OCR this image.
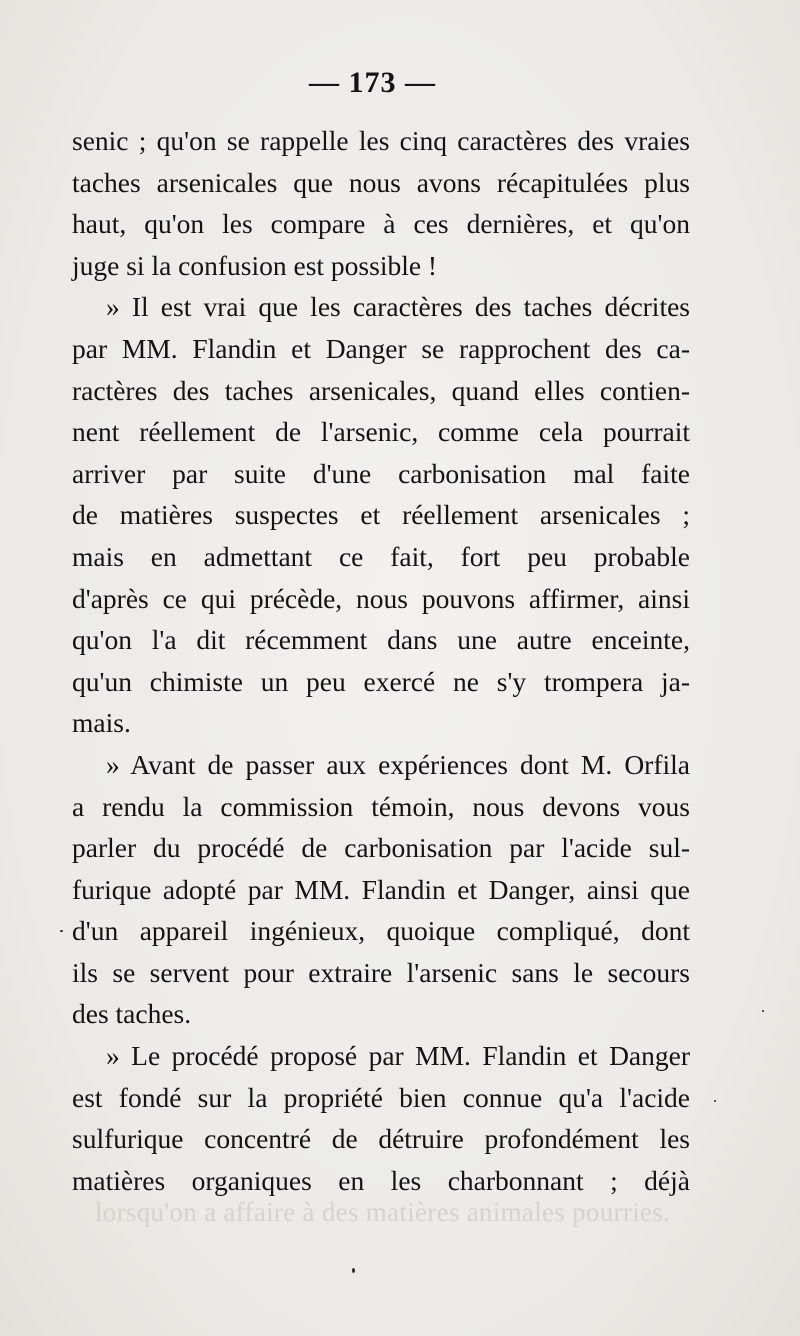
lorsqu'on a affaire à des matières animales pourries.
— 173 —
senic ; qu'on se rappelle les cinq caractères des vraies
taches arsenicales que nous avons récapitulées plus
haut, qu'on les compare à ces dernières, et qu'on
juge si la confusion est possible !
» Il est vrai que les caractères des taches décrites
par MM. Flandin et Danger se rapprochent des ca-
ractères des taches arsenicales, quand elles contien-
nent réellement de l'arsenic, comme cela pourrait
arriver par suite d'une carbonisation mal faite
de matières suspectes et réellement arsenicales ;
mais en admettant ce fait, fort peu probable
d'après ce qui précède, nous pouvons affirmer, ainsi
qu'on l'a dit récemment dans une autre enceinte,
qu'un chimiste un peu exercé ne s'y trompera ja-
mais.
» Avant de passer aux expériences dont M. Orfila
a rendu la commission témoin, nous devons vous
parler du procédé de carbonisation par l'acide sul-
furique adopté par MM. Flandin et Danger, ainsi que
d'un appareil ingénieux, quoique compliqué, dont
ils se servent pour extraire l'arsenic sans le secours
des taches.
» Le procédé proposé par MM. Flandin et Danger
est fondé sur la propriété bien connue qu'a l'acide
sulfurique concentré de détruire profondément les
matières organiques en les charbonnant ; déjà
